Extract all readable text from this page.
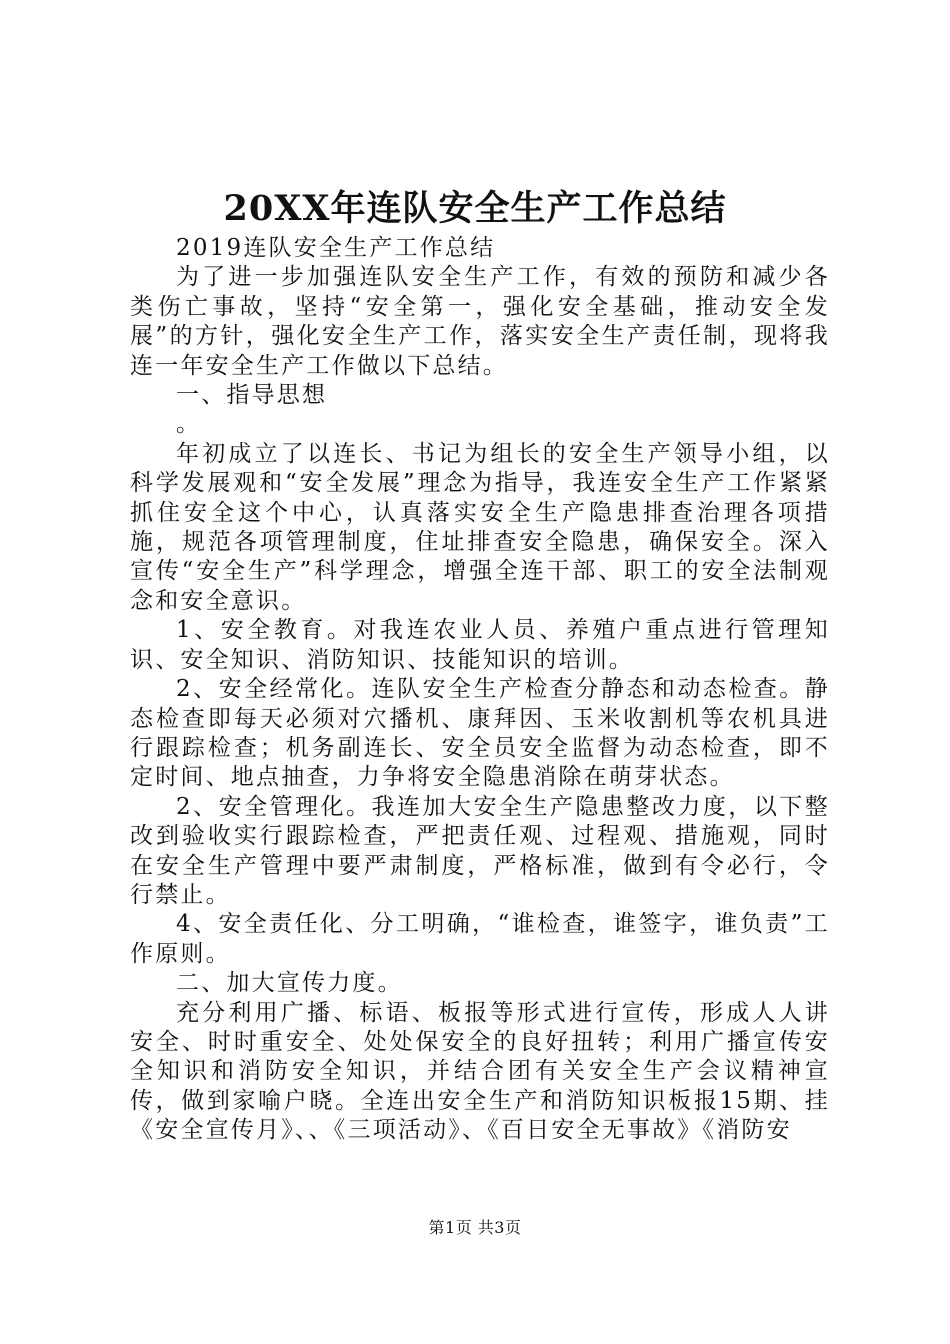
20XX年连队安全生产工作总结

2019连队安全生产工作总结

为了进一步加强连队安全生产工作，有效的预防和减少各类伤亡事故，坚持“安全第一，强化安全基础，推动安全发展”的方针，强化安全生产工作，落实安全生产责任制，现将我连一年安全生产工作做以下总结。

一、指导思想

。

年初成立了以连长、书记为组长的安全生产领导小组，以科学发展观和“安全发展”理念为指导，我连安全生产工作紧紧抓住安全这个中心，认真落实安全生产隐患排查治理各项措施，规范各项管理制度，住址排查安全隐患，确保安全。深入宣传“安全生产”科学理念，增强全连干部、职工的安全法制观念和安全意识。

1、安全教育。对我连农业人员、养殖户重点进行管理知识、安全知识、消防知识、技能知识的培训。

2、安全经常化。连队安全生产检查分静态和动态检查。静态检查即每天必须对穴播机、康拜因、玉米收割机等农机具进行跟踪检查；机务副连长、安全员安全监督为动态检查，即不定时间、地点抽查，力争将安全隐患消除在萌芽状态。

2、安全管理化。我连加大安全生产隐患整改力度，以下整改到验收实行跟踪检查，严把责任观、过程观、措施观，同时在安全生产管理中要严肃制度，严格标准，做到有令必行，令行禁止。

4、安全责任化、分工明确，“谁检查，谁签字，谁负责”工作原则。

二、加大宣传力度。

充分利用广播、标语、板报等形式进行宣传，形成人人讲安全、时时重安全、处处保安全的良好扭转；利用广播宣传安全知识和消防安全知识，并结合团有关安全生产会议精神宣传，做到家喻户晓。全连出安全生产和消防知识板报15期、挂《安全宣传月》、、《三项活动》、《百日安全无事故》《消防安

第1页 共3页
